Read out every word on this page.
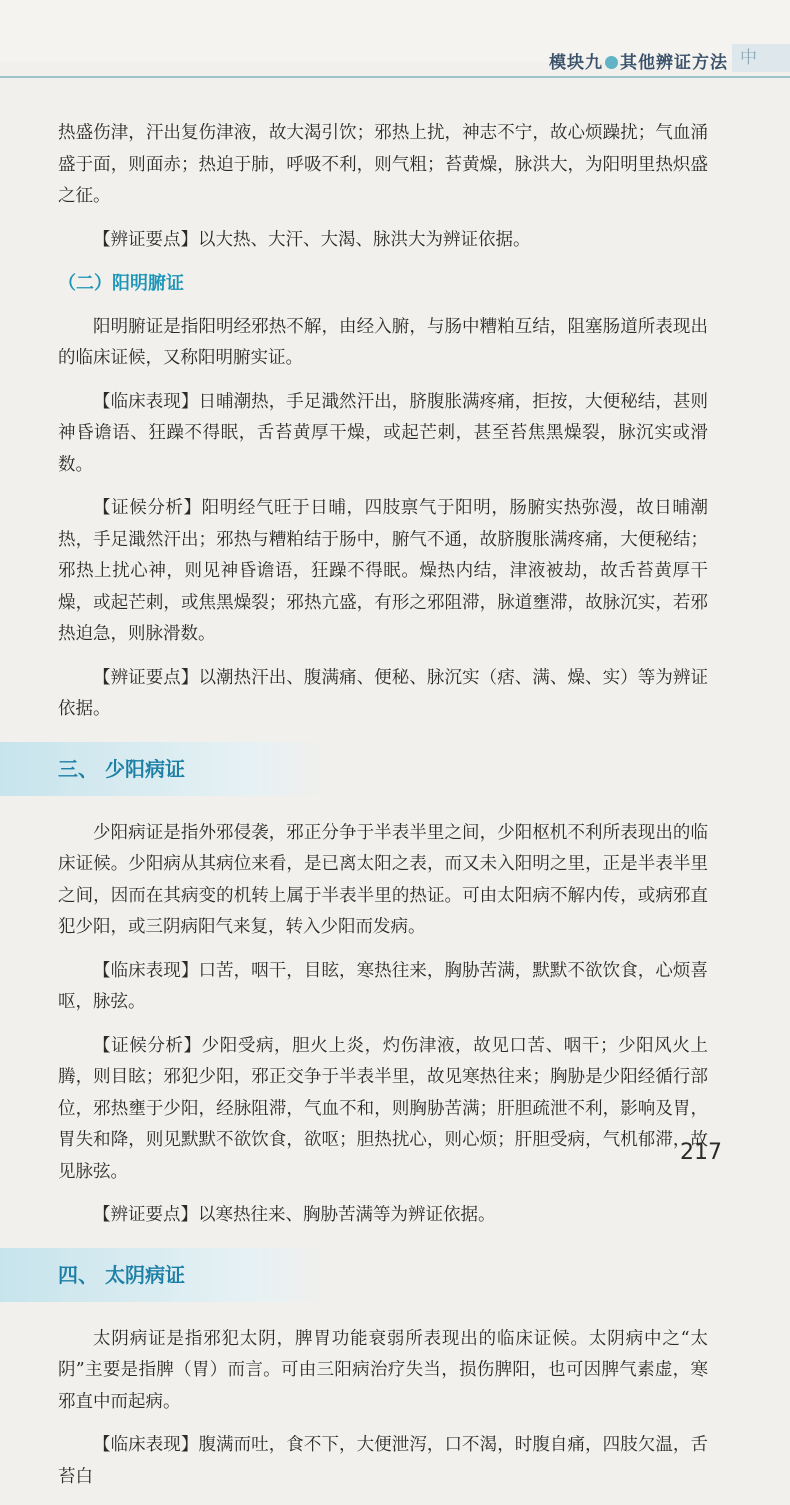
模块九 其他辨证方法 中

热盛伤津，汗出复伤津液，故大渴引饮；邪热上扰，神志不宁，故心烦躁扰；气血涌盛于面，则面赤；热迫于肺，呼吸不利，则气粗；苔黄燥，脉洪大，为阳明里热炽盛之征。

【辨证要点】以大热、大汗、大渴、脉洪大为辨证依据。

（二）阳明腑证

阳明腑证是指阳明经邪热不解，由经入腑，与肠中糟粕互结，阻塞肠道所表现出的临床证候，又称阳明腑实证。

【临床表现】日晡潮热，手足濈然汗出，脐腹胀满疼痛，拒按，大便秘结，甚则神昏谵语、狂躁不得眠，舌苔黄厚干燥，或起芒刺，甚至苔焦黑燥裂，脉沉实或滑数。

【证候分析】阳明经气旺于日晡，四肢禀气于阳明，肠腑实热弥漫，故日晡潮热，手足濈然汗出；邪热与糟粕结于肠中，腑气不通，故脐腹胀满疼痛，大便秘结；邪热上扰心神，则见神昏谵语，狂躁不得眠。燥热内结，津液被劫，故舌苔黄厚干燥，或起芒刺，或焦黑燥裂；邪热亢盛，有形之邪阻滞，脉道壅滞，故脉沉实，若邪热迫急，则脉滑数。

【辨证要点】以潮热汗出、腹满痛、便秘、脉沉实（痞、满、燥、实）等为辨证依据。

三、 少阳病证

少阳病证是指外邪侵袭，邪正分争于半表半里之间，少阳枢机不利所表现出的临床证候。少阳病从其病位来看，是已离太阳之表，而又未入阳明之里，正是半表半里之间，因而在其病变的机转上属于半表半里的热证。可由太阳病不解内传，或病邪直犯少阳，或三阴病阳气来复，转入少阳而发病。

【临床表现】口苦，咽干，目眩，寒热往来，胸胁苦满，默默不欲饮食，心烦喜呕，脉弦。

【证候分析】少阳受病，胆火上炎，灼伤津液，故见口苦、咽干；少阳风火上腾，则目眩；邪犯少阳，邪正交争于半表半里，故见寒热往来；胸胁是少阳经循行部位，邪热壅于少阳，经脉阻滞，气血不和，则胸胁苦满；肝胆疏泄不利，影响及胃，胃失和降，则见默默不欲饮食，欲呕；胆热扰心，则心烦；肝胆受病，气机郁滞，故见脉弦。

【辨证要点】以寒热往来、胸胁苦满等为辨证依据。

四、 太阴病证

太阴病证是指邪犯太阴，脾胃功能衰弱所表现出的临床证候。太阴病中之“太阴”主要是指脾（胃）而言。可由三阳病治疗失当，损伤脾阳，也可因脾气素虚，寒邪直中而起病。

【临床表现】腹满而吐，食不下，大便泄泻，口不渴，时腹自痛，四肢欠温，舌苔白

217
